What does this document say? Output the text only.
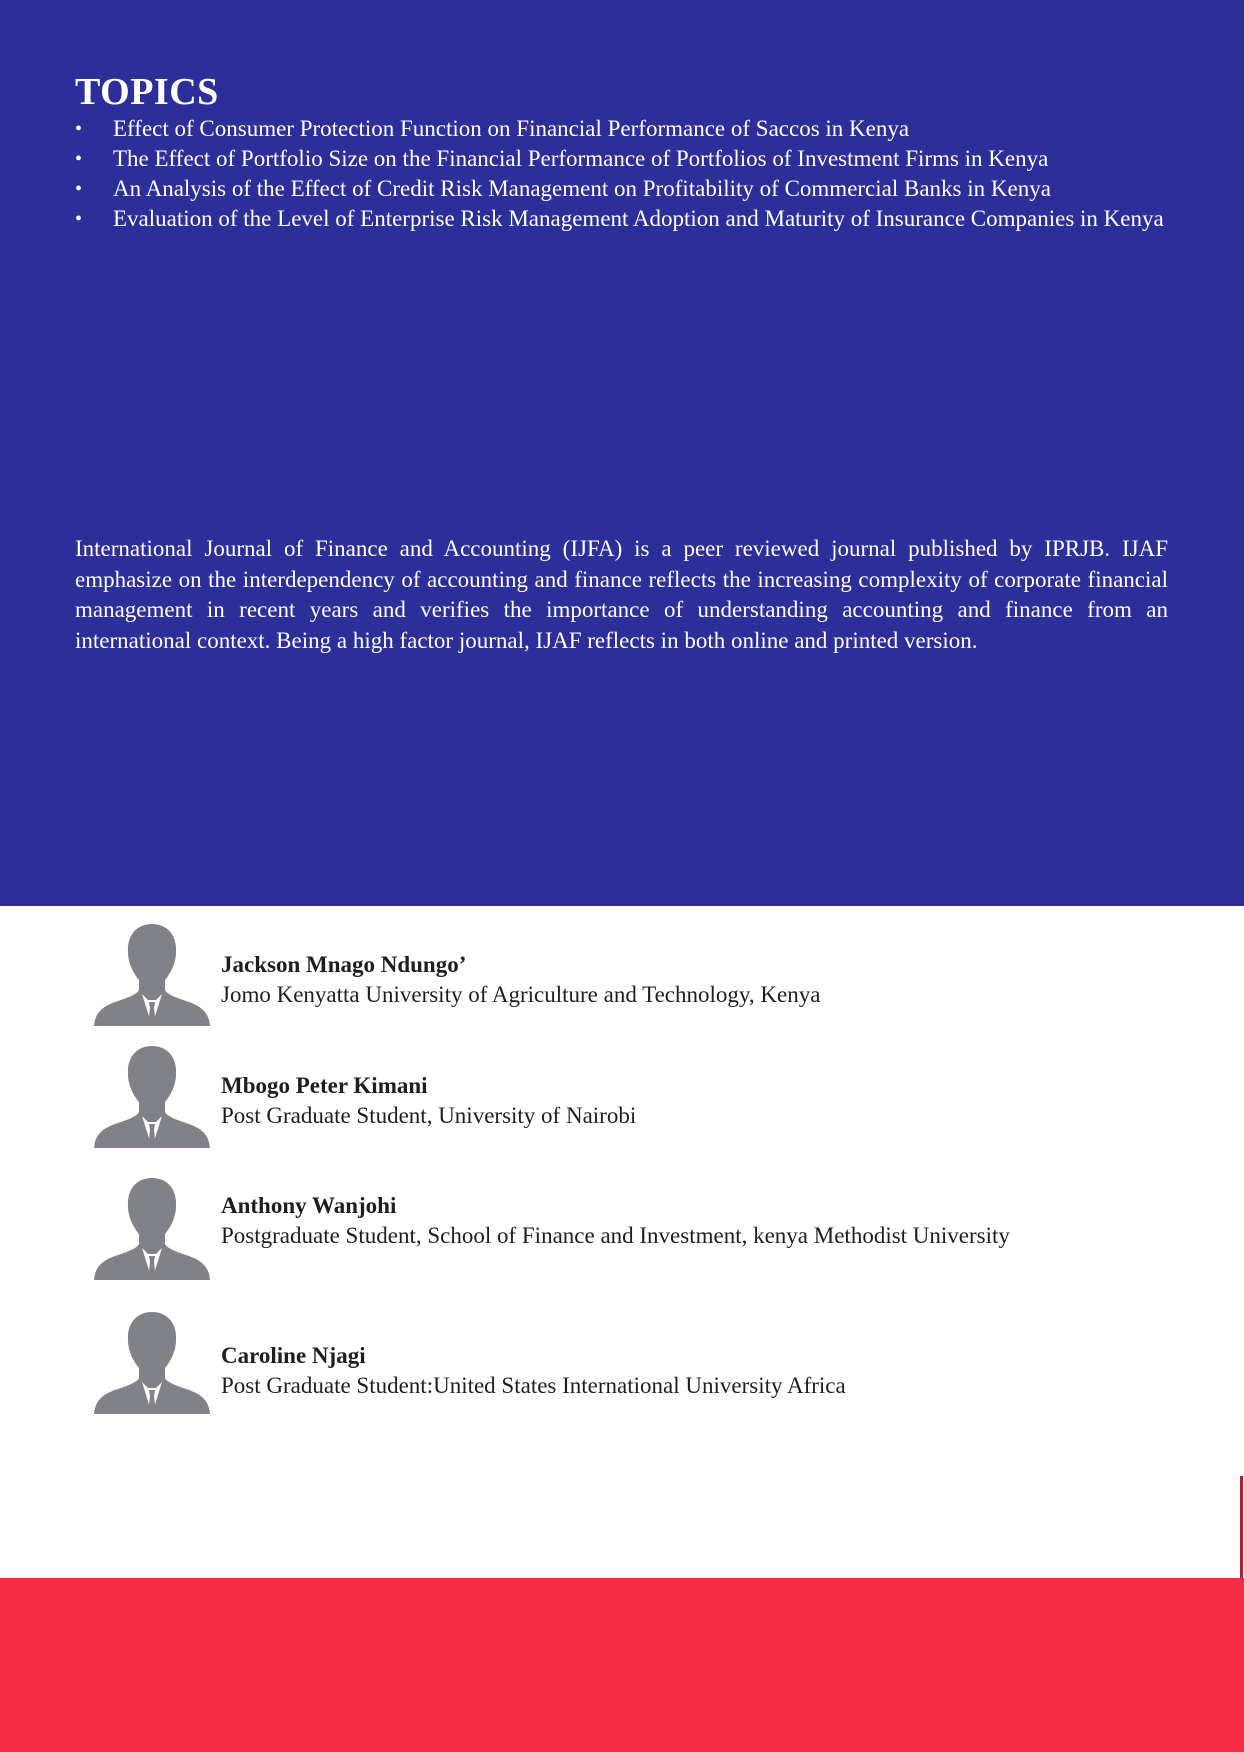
TOPICS
• Effect of Consumer Protection Function on Financial Performance of Saccos in Kenya
• The Effect of Portfolio Size on the Financial Performance of Portfolios of Investment Firms in Kenya
• An Analysis of the Effect of Credit Risk Management on Profitability of Commercial Banks in Kenya
• Evaluation of the Level of Enterprise Risk Management Adoption and Maturity of Insurance Companies in Kenya

International Journal of Finance and Accounting (IJFA) is a peer reviewed journal published by IPRJB. IJAF emphasize on the interdependency of accounting and finance reflects the increasing complexity of corporate financial management in recent years and verifies the importance of understanding accounting and finance from an international context. Being a high factor journal, IJAF reflects in both online and printed version.

Jackson Mnago Ndungo’
Jomo Kenyatta University of Agriculture and Technology, Kenya
Mbogo Peter Kimani
Post Graduate Student, University of Nairobi
Anthony Wanjohi
Postgraduate Student, School of Finance and Investment, kenya Methodist University
Caroline Njagi
Post Graduate Student:United States International University Africa
